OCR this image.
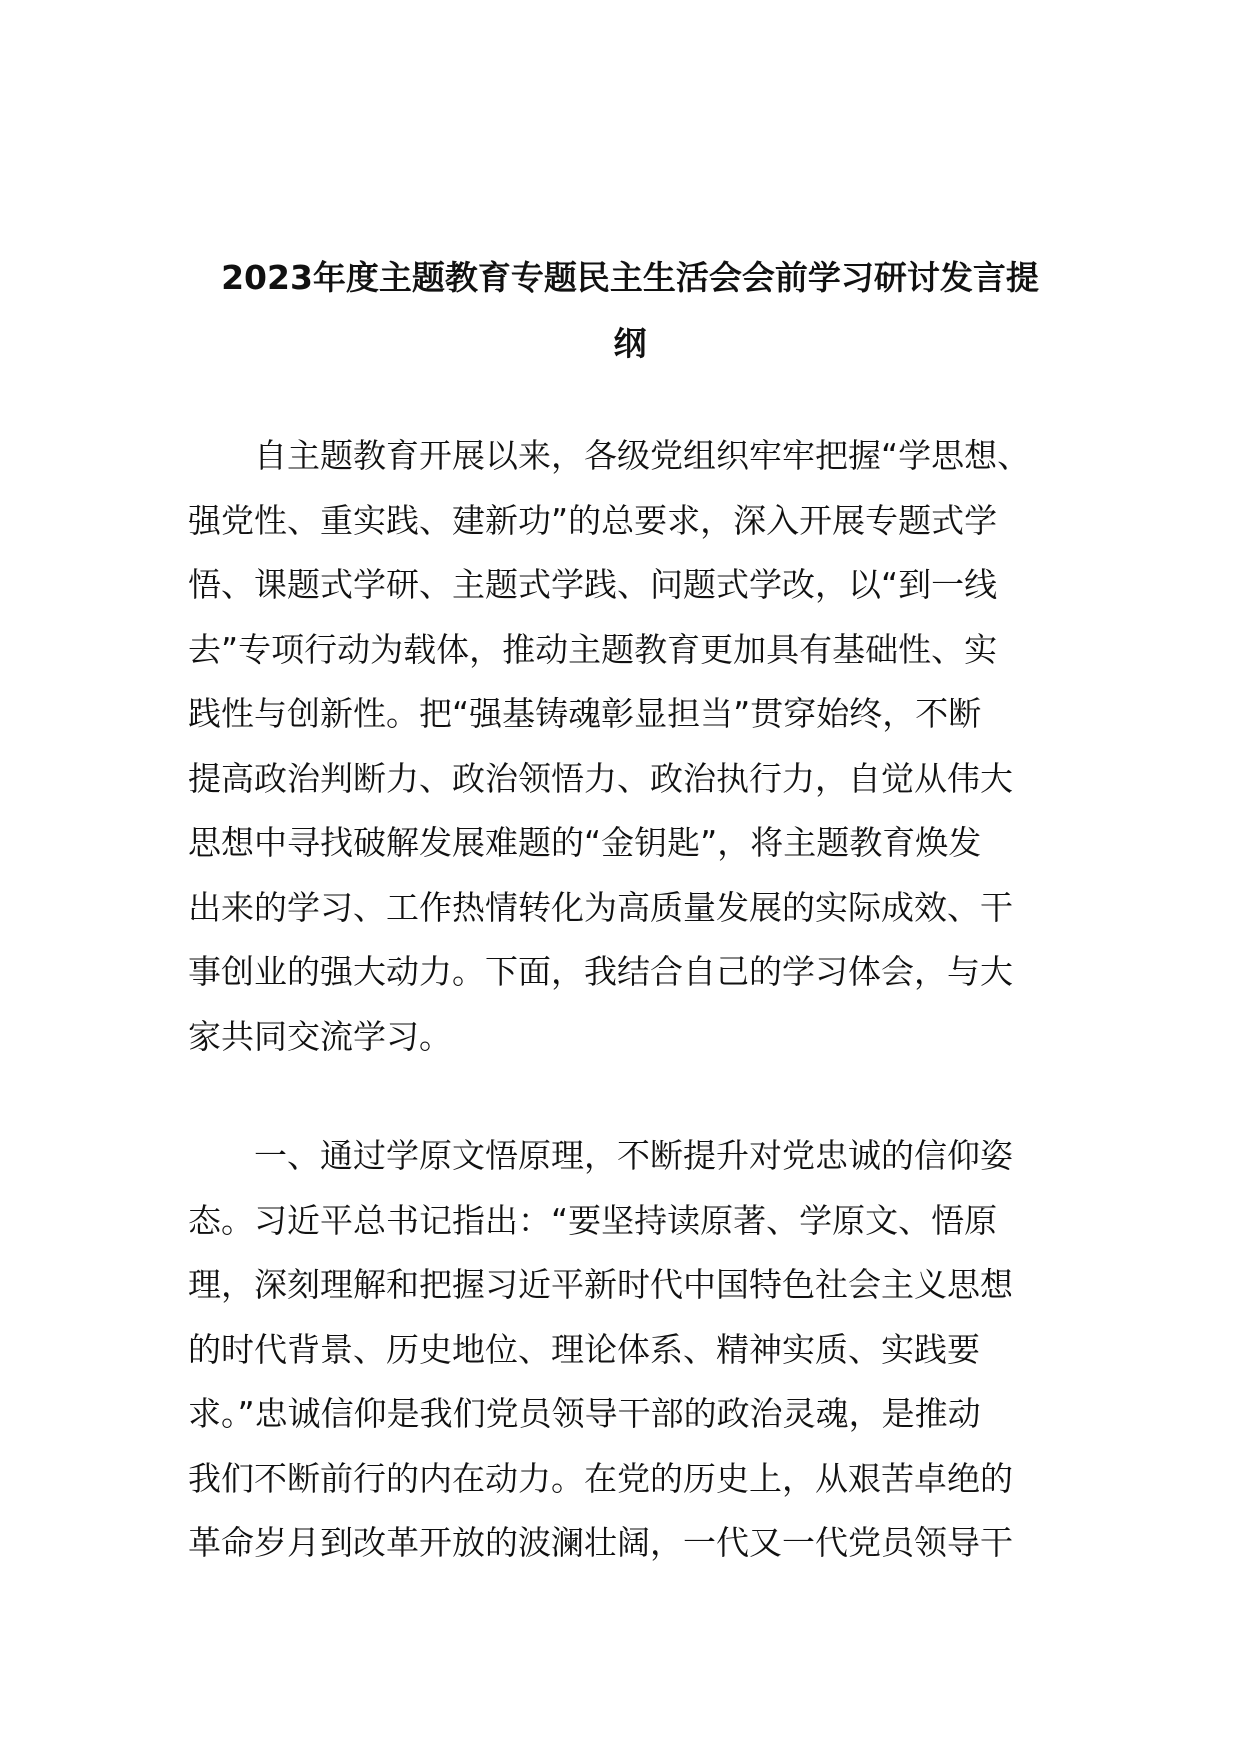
2023年度主题教育专题民主生活会会前学习研讨发言提
纲

　　自主题教育开展以来，各级党组织牢牢把握“学思想、
强党性、重实践、建新功”的总要求，深入开展专题式学
悟、课题式学研、主题式学践、问题式学改，以“到一线
去”专项行动为载体，推动主题教育更加具有基础性、实
践性与创新性。把“强基铸魂彰显担当”贯穿始终，不断
提高政治判断力、政治领悟力、政治执行力，自觉从伟大
思想中寻找破解发展难题的“金钥匙”，将主题教育焕发
出来的学习、工作热情转化为高质量发展的实际成效、干
事创业的强大动力。下面，我结合自己的学习体会，与大
家共同交流学习。

　　一、通过学原文悟原理，不断提升对党忠诚的信仰姿
态。习近平总书记指出：“要坚持读原著、学原文、悟原
理，深刻理解和把握习近平新时代中国特色社会主义思想
的时代背景、历史地位、理论体系、精神实质、实践要
求。”忠诚信仰是我们党员领导干部的政治灵魂，是推动
我们不断前行的内在动力。在党的历史上，从艰苦卓绝的
革命岁月到改革开放的波澜壮阔，一代又一代党员领导干
